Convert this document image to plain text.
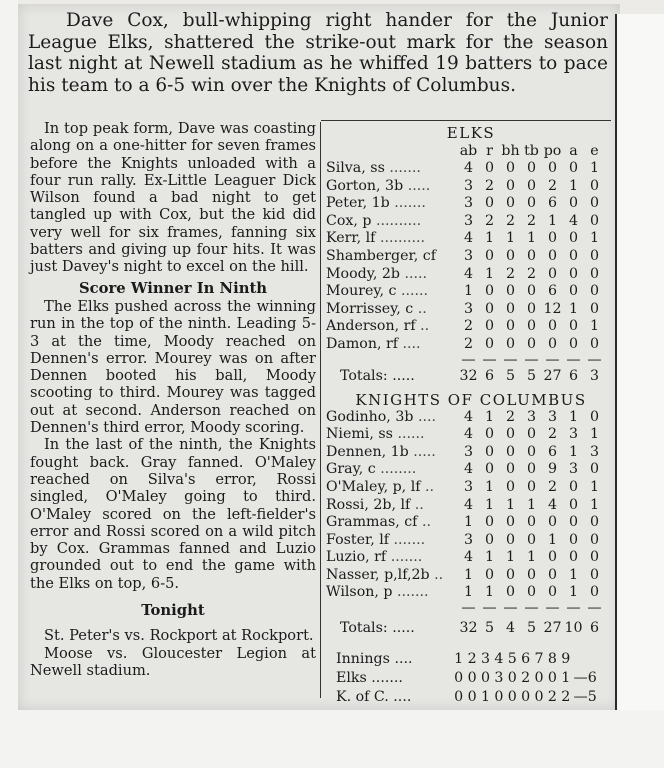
Dave Cox, bull-whipping right hander for the Junior League Elks, shattered the strike-out mark for the season last night at Newell stadium as he whiffed 19 batters to pace his team to a 6-5 win over the Knights of Columbus.

In top peak form, Dave was coasting along on a one-hitter for seven frames before the Knights unloaded with a four run rally. Ex-Little Leaguer Dick Wilson found a bad night to get tangled up with Cox, but the kid did very well for six frames, fanning six batters and giving up four hits. It was just Davey's night to excel on the hill.

Score Winner In Ninth

The Elks pushed across the winning run in the top of the ninth. Leading 5-3 at the time, Moody reached on Dennen's error. Mourey was on after Dennen booted his ball, Moody scooting to third. Mourey was tagged out at second. Anderson reached on Dennen's third error, Moody scoring.

In the last of the ninth, the Knights fought back. Gray fanned. O'Maley reached on Silva's error, Rossi singled, O'Maley going to third. O'Maley scored on the left-fielder's error and Rossi scored on a wild pitch by Cox. Grammas fanned and Luzio grounded out to end the game with the Elks on top, 6-5.

Tonight

St. Peter's vs. Rockport at Rockport.

Moose vs. Gloucester Legion at Newell stadium.

ELKS
ab r bh tb po a e
Silva, ss .......	4 0 0 0 0 0 1
Gorton, 3b .....	3 2 0 0 2 1 0
Peter, 1b .......	3 0 0 0 6 0 0
Cox, p ..........	3 2 2 2 1 4 0
Kerr, lf ..........	4 1 1 1 0 0 1
Shamberger, cf	3 0 0 0 0 0 0
Moody, 2b .....	4 1 2 2 0 0 0
Mourey, c ......	1 0 0 0 6 0 0
Morrissey, c ..	3 0 0 0 12 1 0
Anderson, rf ..	2 0 0 0 0 0 1
Damon, rf ....	2 0 0 0 0 0 0
— — — — — — —
Totals: .....	32 6 5 5 27 6 3
KNIGHTS OF COLUMBUS
Godinho, 3b ....	4 1 2 3 3 1 0
Niemi, ss ......	4 0 0 0 2 3 1
Dennen, 1b .....	3 0 0 0 6 1 3
Gray, c ........	4 0 0 0 9 3 0
O'Maley, p, lf ..	3 1 0 0 2 0 1
Rossi, 2b, lf ..	4 1 1 1 4 0 1
Grammas, cf ..	1 0 0 0 0 0 0
Foster, lf .......	3 0 0 0 1 0 0
Luzio, rf .......	4 1 1 1 0 0 0
Nasser, p,lf,2b ..	1 0 0 0 0 1 0
Wilson, p .......	1 1 0 0 0 1 0
— — — — — — —
Totals: .....	32 5 4 5 27 10 6
Innings ....	1 2 3 4 5 6 7 8 9
Elks .......	0 0 0 3 0 2 0 0 1 —6
K. of C. ....	0 0 1 0 0 0 0 2 2 —5
